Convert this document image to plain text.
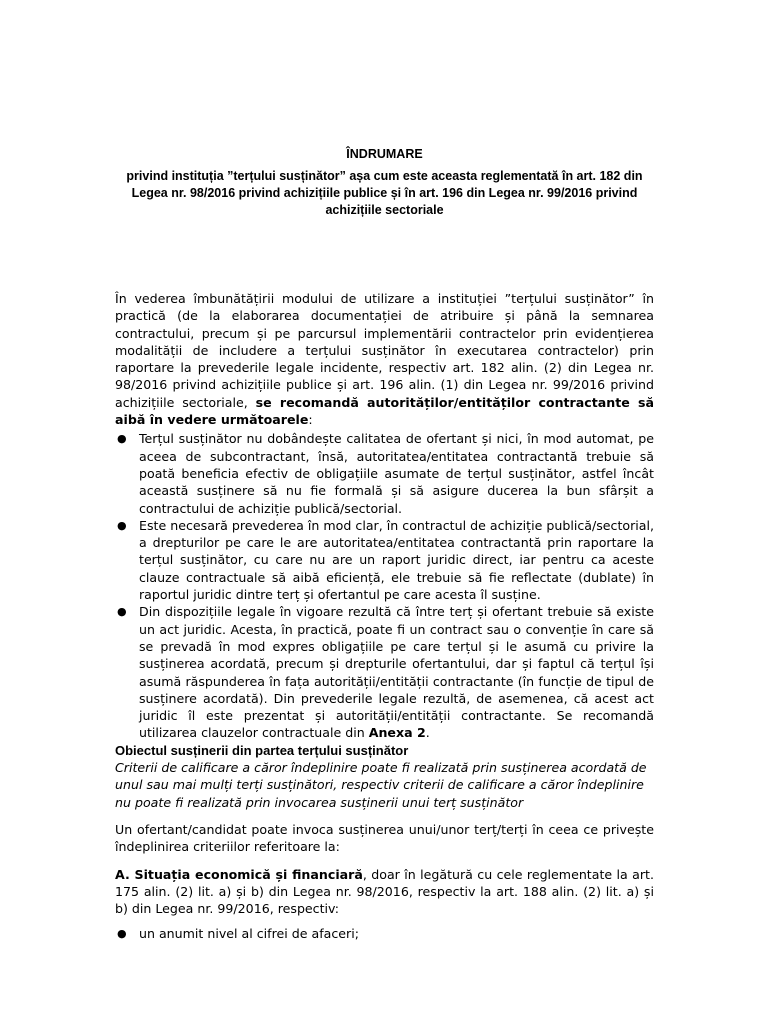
ÎNDRUMARE

privind instituția ”terțului susținător” așa cum este aceasta reglementată în art. 182 din Legea nr. 98/2016 privind achizițiile publice și în art. 196 din Legea nr. 99/2016 privind achizițiile sectoriale

În vederea îmbunătățirii modului de utilizare a instituției ”terțului susținător” în practică (de la elaborarea documentației de atribuire și până la semnarea contractului, precum și pe parcursul implementării contractelor prin evidențierea modalității de includere a terțului susținător în executarea contractelor) prin raportare la prevederile legale incidente, respectiv art. 182 alin. (2) din Legea nr. 98/2016 privind achizițiile publice și art. 196 alin. (1) din Legea nr. 99/2016 privind achizițiile sectoriale, se recomandă autorităților/entităților contractante să aibă în vedere următoarele:

● Terțul susținător nu dobândește calitatea de ofertant și nici, în mod automat, pe aceea de subcontractant, însă, autoritatea/entitatea contractantă trebuie să poată beneficia efectiv de obligațiile asumate de terțul susținător, astfel încât această susținere să nu fie formală și să asigure ducerea la bun sfârșit a contractului de achiziție publică/sectorial.
● Este necesară prevederea în mod clar, în contractul de achiziție publică/sectorial, a drepturilor pe care le are autoritatea/entitatea contractantă prin raportare la terțul susținător, cu care nu are un raport juridic direct, iar pentru ca aceste clauze contractuale să aibă eficiență, ele trebuie să fie reflectate (dublate) în raportul juridic dintre terț și ofertantul pe care acesta îl susține.
● Din dispozițiile legale în vigoare rezultă că între terț și ofertant trebuie să existe un act juridic. Acesta, în practică, poate fi un contract sau o convenție în care să se prevadă în mod expres obligațiile pe care terțul și le asumă cu privire la susținerea acordată, precum și drepturile ofertantului, dar și faptul că terțul își asumă răspunderea în fața autorității/entității contractante (în funcție de tipul de susținere acordată). Din prevederile legale rezultă, de asemenea, că acest act juridic îl este prezentat și autorității/entității contractante. Se recomandă utilizarea clauzelor contractuale din Anexa 2.

Obiectul susținerii din partea terțului susținător

Criterii de calificare a căror îndeplinire poate fi realizată prin susținerea acordată de unul sau mai mulți terți susținători, respectiv criterii de calificare a căror îndeplinire nu poate fi realizată prin invocarea susținerii unui terț susținător

Un ofertant/candidat poate invoca susținerea unui/unor terț/terți în ceea ce privește îndeplinirea criteriilor referitoare la:

A. Situația economică și financiară, doar în legătură cu cele reglementate la art. 175 alin. (2) lit. a) și b) din Legea nr. 98/2016, respectiv la art. 188 alin. (2) lit. a) și b) din Legea nr. 99/2016, respectiv:

● un anumit nivel al cifrei de afaceri;
